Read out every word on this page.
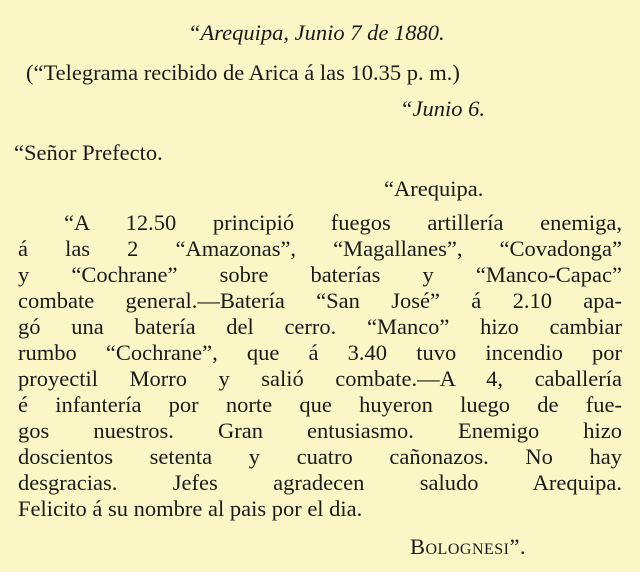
“Arequipa, Junio 7 de 1880.
(“Telegrama recibido de Arica á las 10.35 p. m.)
“Junio 6.
“Señor Prefecto.
“Arequipa.
“A 12.50 principió fuegos artillería enemiga,
á las 2 “Amazonas”, “Magallanes”, “Covadonga”
y “Cochrane” sobre baterías y “Manco-Capac”
combate general.—Batería “San José” á 2.10 apa-
gó una batería del cerro. “Manco” hizo cambiar
rumbo “Cochrane”, que á 3.40 tuvo incendio por
proyectil Morro y salió combate.—A 4, caballería
é infantería por norte que huyeron luego de fue-
gos nuestros. Gran entusiasmo. Enemigo hizo
doscientos setenta y cuatro cañonazos. No hay
desgracias. Jefes agradecen saludo Arequipa.
Felicito á su nombre al pais por el dia.
Bolognesi”.
